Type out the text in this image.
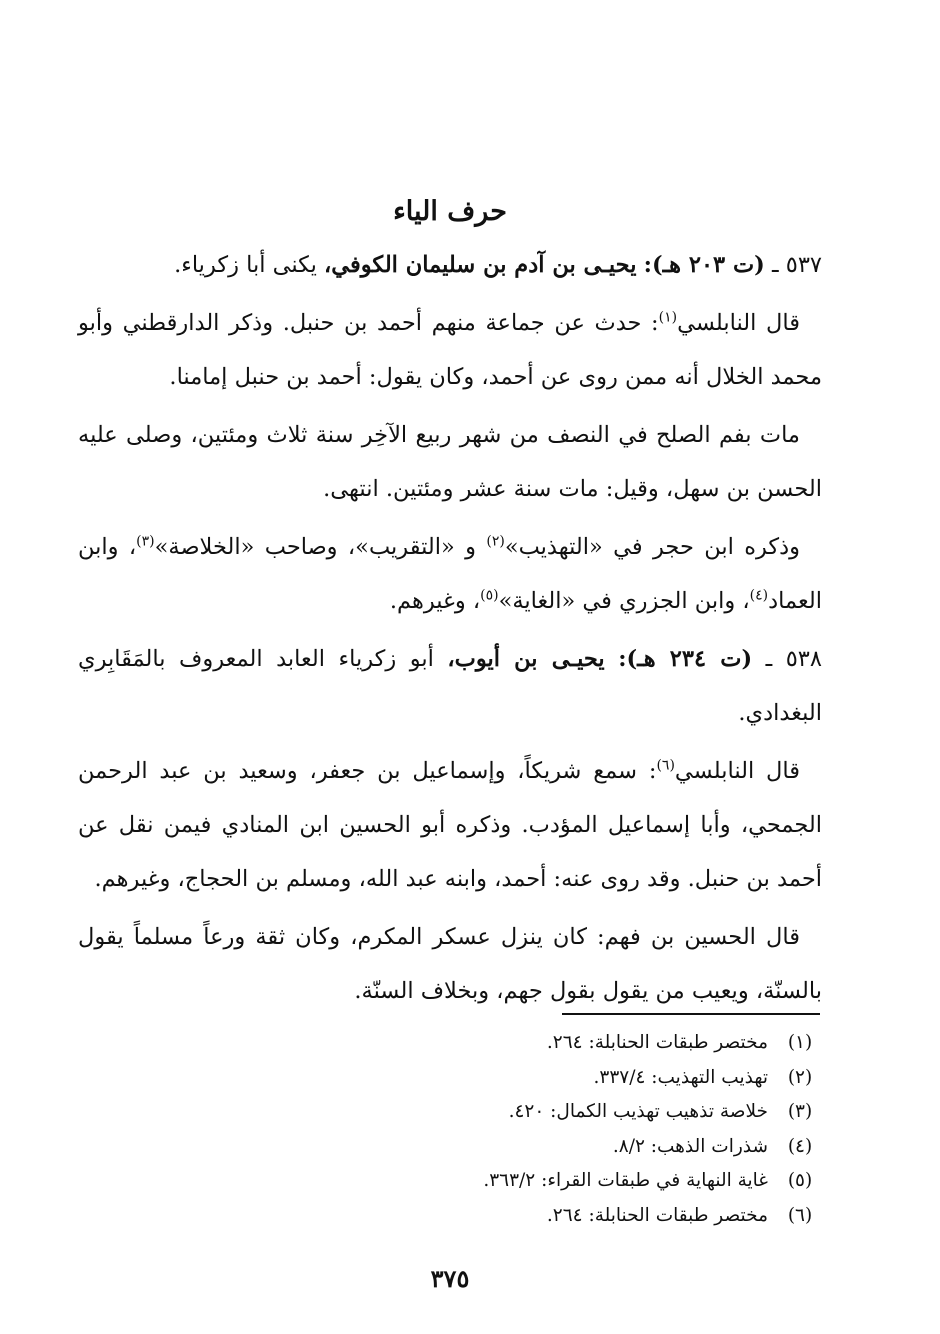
حرف الياء

٥٣٧ ـ (ت ٢٠٣ هـ): يحيـى بن آدم بن سليمان الكوفي، يكنى أبا زكرياء.

قال النابلسي$^{(١)}$: حدث عن جماعة منهم أحمد بن حنبل. وذكر الدارقطني وأبو محمد الخلال أنه ممن روى عن أحمد، وكان يقول: أحمد بن حنبل إمامنا.

مات بفم الصلح في النصف من شهر ربيع الآخِر سنة ثلاث ومئتين، وصلى عليه الحسن بن سهل، وقيل: مات سنة عشر ومئتين. انتهى.

وذكره ابن حجر في «التهذيب»$^{(٢)}$ و «التقريب»، وصاحب «الخلاصة»$^{(٣)}$، وابن العماد$^{(٤)}$، وابن الجزري في «الغاية»$^{(٥)}$، وغيرهم.

٥٣٨ ـ (ت ٢٣٤ هـ): يحيـى بن أيوب، أبو زكرياء العابد المعروف بالمَقَابِري البغدادي.

قال النابلسي$^{(٦)}$: سمع شريكاً، وإسماعيل بن جعفر، وسعيد بن عبد الرحمن الجمحي، وأبا إسماعيل المؤدب. وذكره أبو الحسين ابن المنادي فيمن نقل عن أحمد بن حنبل. وقد روى عنه: أحمد، وابنه عبد الله، ومسلم بن الحجاج، وغيرهم.

قال الحسين بن فهم: كان ينزل عسكر المكرم، وكان ثقة ورعاً مسلماً يقول بالسنّة، ويعيب من يقول بقول جهم، وبخلاف السنّة.

(١)
مختصر طبقات الحنابلة: ٢٦٤.
(٢)
تهذيب التهذيب: ٣٣٧/٤.
(٣)
خلاصة تذهيب تهذيب الكمال: ٤٢٠.
(٤)
شذرات الذهب: ٨/٢.
(٥)
غاية النهاية في طبقات القراء: ٣٦٣/٢.
(٦)
مختصر طبقات الحنابلة: ٢٦٤.
٣٧٥
